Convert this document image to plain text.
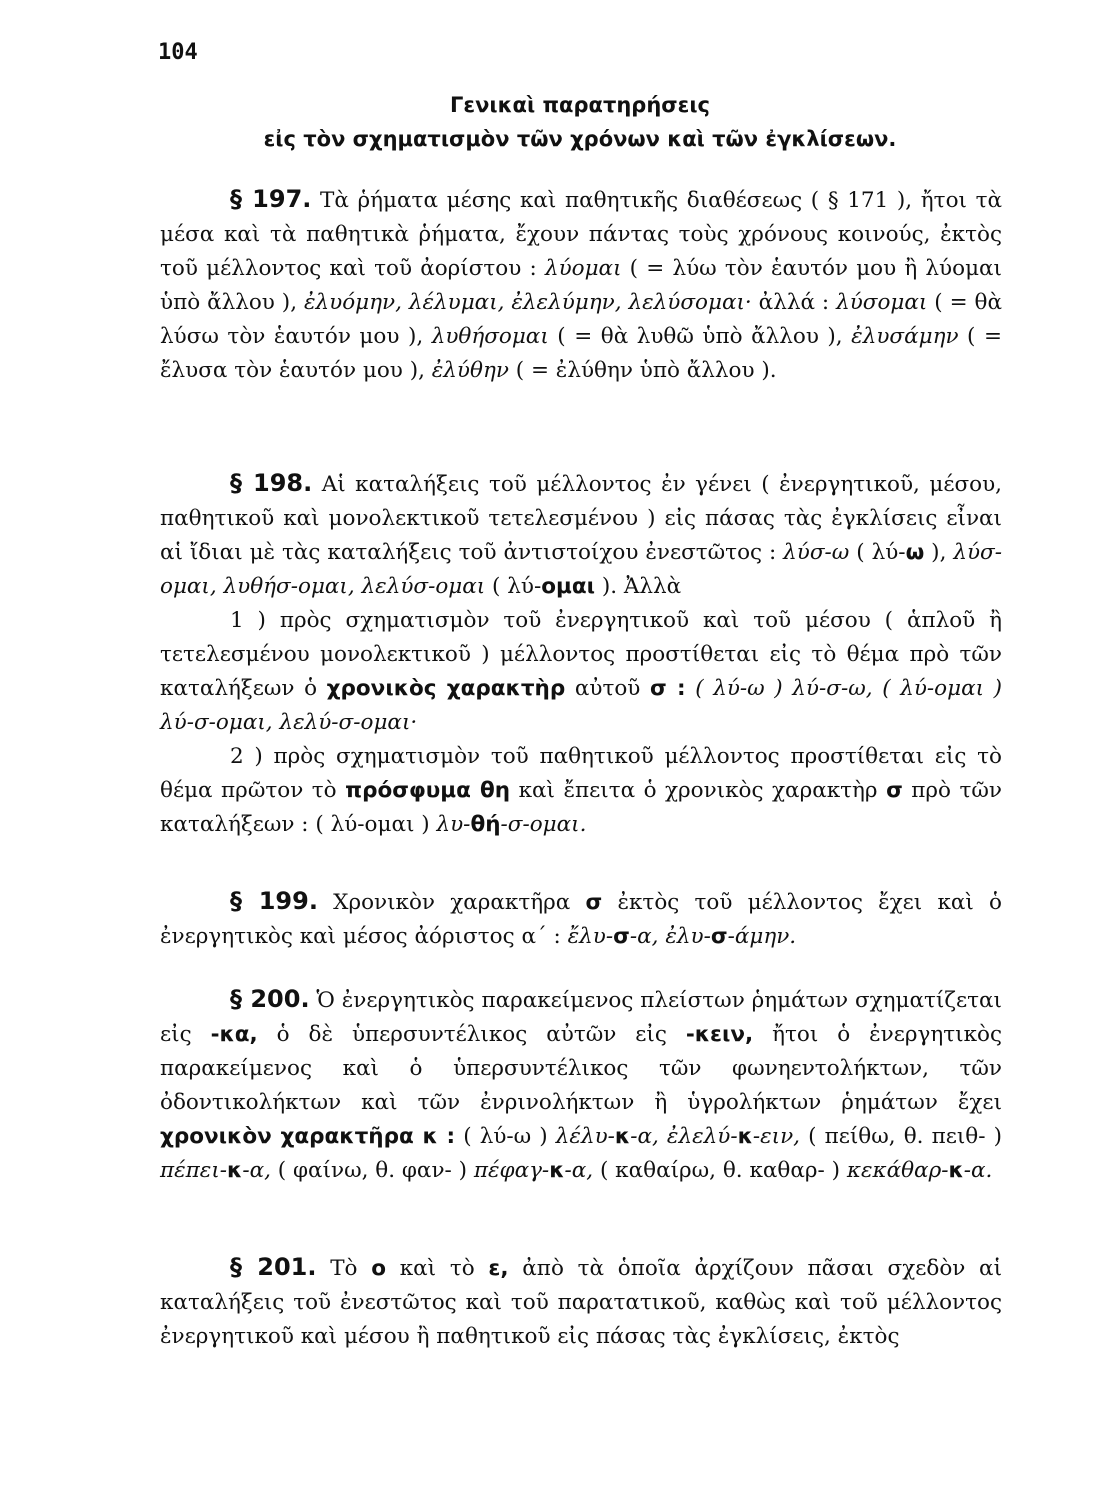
104
Γενικαὶ παρατηρήσεις
εἰς τὸν σχηματισμὸν τῶν χρόνων καὶ τῶν ἐγκλίσεων.

§ 197. Τὰ ῥήματα μέσης καὶ παθητικῆς διαθέσεως ( § 171 ), ἤτοι τὰ μέσα καὶ τὰ παθητικὰ ῥήματα, ἔχουν πάντας τοὺς χρόνους κοινούς, ἐκτὸς τοῦ μέλλοντος καὶ τοῦ ἀορίστου : λύομαι ( = λύω τὸν ἑαυτόν μου ἢ λύομαι ὑπὸ ἄλλου ), ἐλυόμην, λέλυμαι, ἐλελύμην, λελύσομαι· ἀλλά : λύσομαι ( = θὰ λύσω τὸν ἑαυτόν μου ), λυθήσομαι ( = θὰ λυθῶ ὑπὸ ἄλλου ), ἐλυσάμην ( = ἔλυσα τὸν ἑαυτόν μου ), ἐλύθην ( = ἐλύθην ὑπὸ ἄλλου ).

§ 198. Αἱ καταλήξεις τοῦ μέλλοντος ἐν γένει ( ἐνεργητικοῦ, μέσου, παθητικοῦ καὶ μονολεκτικοῦ τετελεσμένου ) εἰς πάσας τὰς ἐγκλίσεις εἶναι αἱ ἴδιαι μὲ τὰς καταλήξεις τοῦ ἀντιστοίχου ἐνεστῶτος : λύσ-ω ( λύ-ω ), λύσ-ομαι, λυθήσ-ομαι, λελύσ-ομαι ( λύ-ομαι ). Ἀλλὰ
1 ) πρὸς σχηματισμὸν τοῦ ἐνεργητικοῦ καὶ τοῦ μέσου ( ἁπλοῦ ἢ τετελεσμένου μονολεκτικοῦ ) μέλλοντος προστίθεται εἰς τὸ θέμα πρὸ τῶν καταλήξεων ὁ χρονικὸς χαρακτὴρ αὐτοῦ σ : ( λύ-ω ) λύ-σ-ω, ( λύ-ομαι ) λύ-σ-ομαι, λελύ-σ-ομαι·
2 ) πρὸς σχηματισμὸν τοῦ παθητικοῦ μέλλοντος προστίθεται εἰς τὸ θέμα πρῶτον τὸ πρόσφυμα θη καὶ ἔπειτα ὁ χρονικὸς χαρακτὴρ σ πρὸ τῶν καταλήξεων : ( λύ-ομαι ) λυ-θή-σ-ομαι.

§ 199. Χρονικὸν χαρακτῆρα σ ἐκτὸς τοῦ μέλλοντος ἔχει καὶ ὁ ἐνεργητικὸς καὶ μέσος ἀόριστος α΄ : ἔλυ-σ-α, ἐλυ-σ-άμην.

§ 200. Ὁ ἐνεργητικὸς παρακείμενος πλείστων ῥημάτων σχηματίζεται εἰς -κα, ὁ δὲ ὑπερσυντέλικος αὐτῶν εἰς -κειν, ἤτοι ὁ ἐνεργητικὸς παρακείμενος καὶ ὁ ὑπερσυντέλικος τῶν φωνηεντολήκτων, τῶν ὀδοντικολήκτων καὶ τῶν ἐνρινολήκτων ἢ ὑγρολήκτων ῥημάτων ἔχει χρονικὸν χαρακτῆρα κ : ( λύ-ω ) λέλυ-κ-α, ἐλελύ-κ-ειν, ( πείθω, θ. πειθ- ) πέπει-κ-α, ( φαίνω, θ. φαν- ) πέφαγ-κ-α, ( καθαίρω, θ. καθαρ- ) κεκάθαρ-κ-α.

§ 201. Τὸ ο καὶ τὸ ε, ἀπὸ τὰ ὁποῖα ἀρχίζουν πᾶσαι σχεδὸν αἱ καταλήξεις τοῦ ἐνεστῶτος καὶ τοῦ παρατατικοῦ, καθὼς καὶ τοῦ μέλλοντος ἐνεργητικοῦ καὶ μέσου ἢ παθητικοῦ εἰς πάσας τὰς ἐγκλίσεις, ἐκτὸς
